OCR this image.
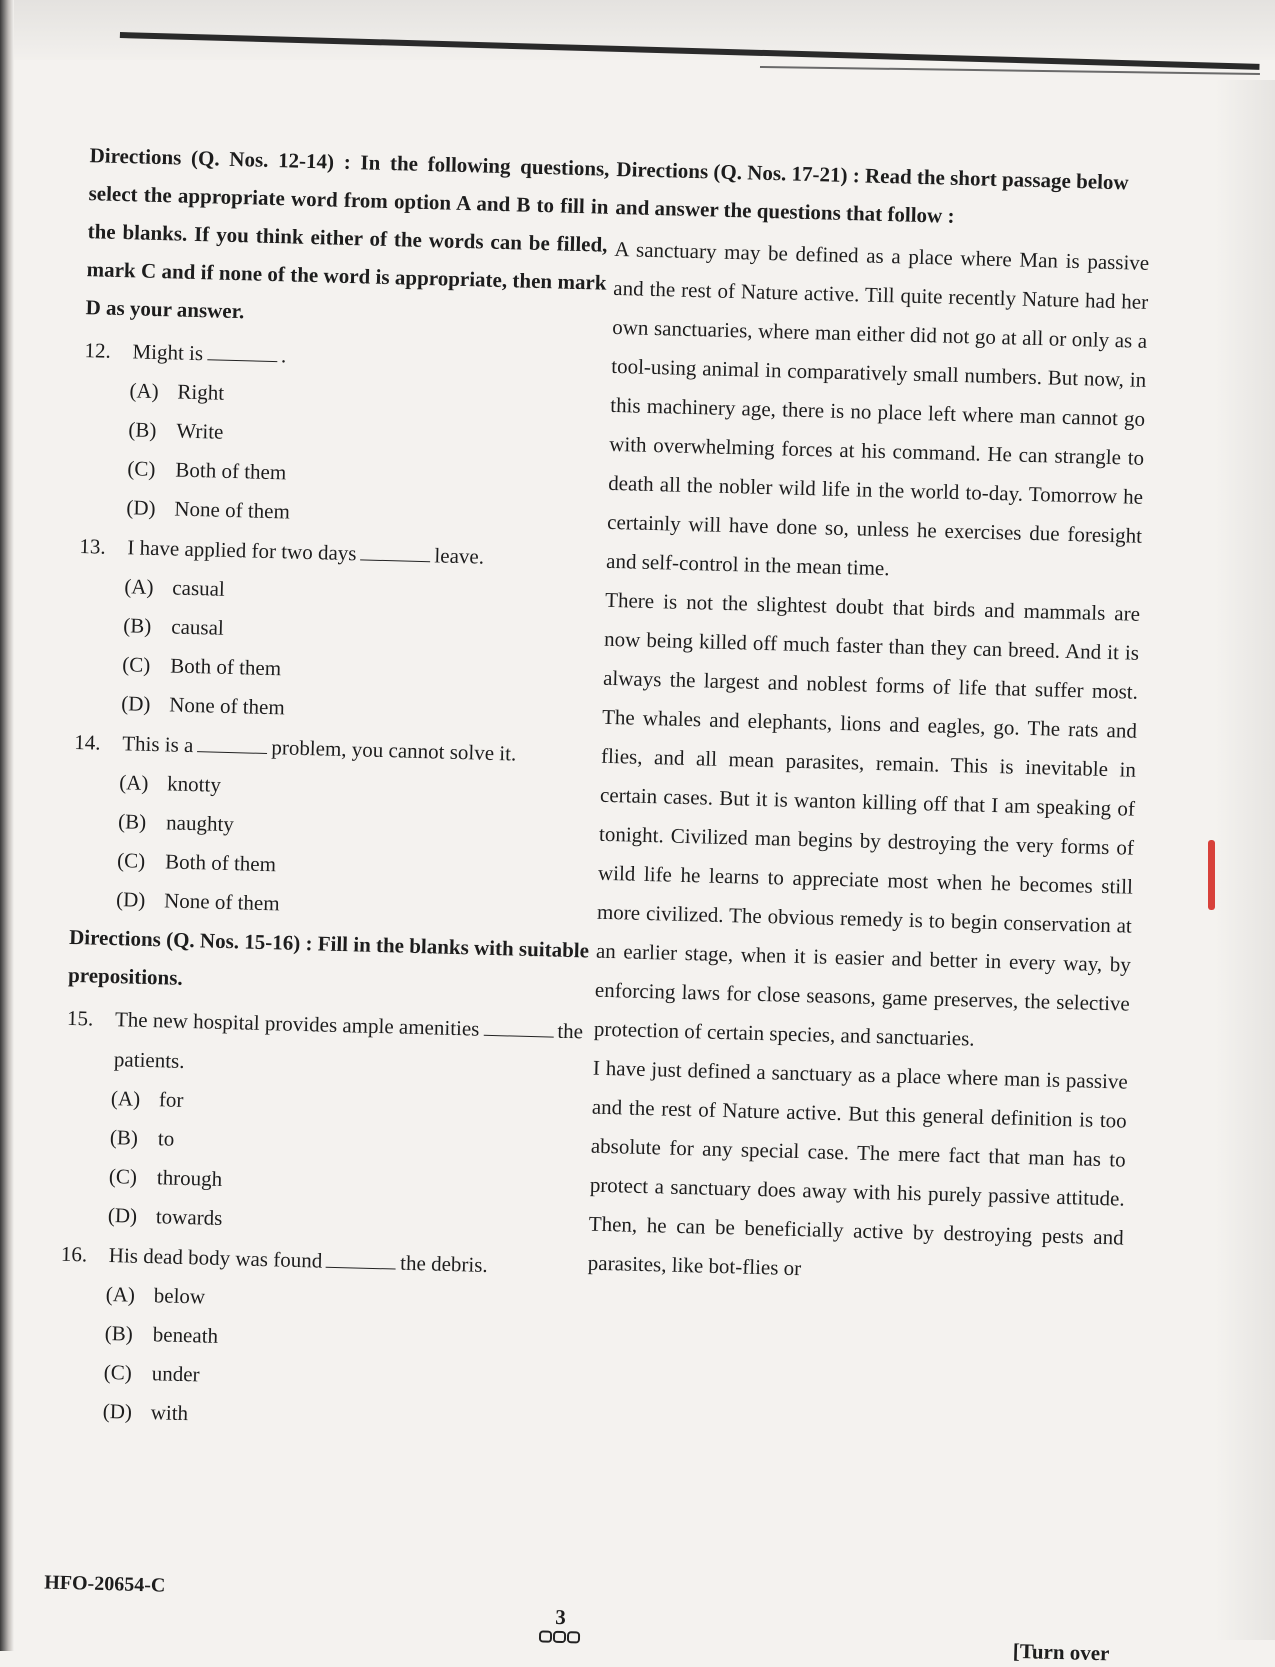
Directions (Q. Nos. 12-14) : In the following questions, select the appropriate word from option A and B to fill in the blanks. If you think either of the words can be filled, mark C and if none of the word is appropriate, then mark D as your answer.

12.	Might is	.
(A) Right
(B) Write
(C) Both of them
(D) None of them
13.	I have applied for two days	leave.
(A) casual
(B) causal
(C) Both of them
(D) None of them
14.	This is a	problem, you cannot solve it.
(A) knotty
(B) naughty
(C) Both of them
(D) None of them

Directions (Q. Nos. 15-16) : Fill in the blanks with suitable prepositions.

15.	The new hospital provides ample amenities	the patients.
(A) for
(B) to
(C) through
(D) towards
16.	His dead body was found	the debris.
(A) below
(B) beneath
(C) under
(D) with

Directions (Q. Nos. 17-21) : Read the short passage below and answer the questions that follow :

A sanctuary may be defined as a place where Man is passive and the rest of Nature active. Till quite recently Nature had her own sanctuaries, where man either did not go at all or only as a tool-using animal in comparatively small numbers. But now, in this machinery age, there is no place left where man cannot go with overwhelming forces at his command. He can strangle to death all the nobler wild life in the world to-day. Tomorrow he certainly will have done so, unless he exercises due foresight and self-control in the mean time.

There is not the slightest doubt that birds and mammals are now being killed off much faster than they can breed. And it is always the largest and noblest forms of life that suffer most. The whales and elephants, lions and eagles, go. The rats and flies, and all mean parasites, remain. This is inevitable in certain cases. But it is wanton killing off that I am speaking of tonight. Civilized man begins by destroying the very forms of wild life he learns to appreciate most when he becomes still more civilized. The obvious remedy is to begin conservation at an earlier stage, when it is easier and better in every way, by enforcing laws for close seasons, game preserves, the selective protection of certain species, and sanctuaries.

I have just defined a sanctuary as a place where man is passive and the rest of Nature active. But this general definition is too absolute for any special case. The mere fact that man has to protect a sanctuary does away with his purely passive attitude. Then, he can be beneficially active by destroying pests and parasites, like bot-flies or

HFO-20654-C
3
[Turn over
